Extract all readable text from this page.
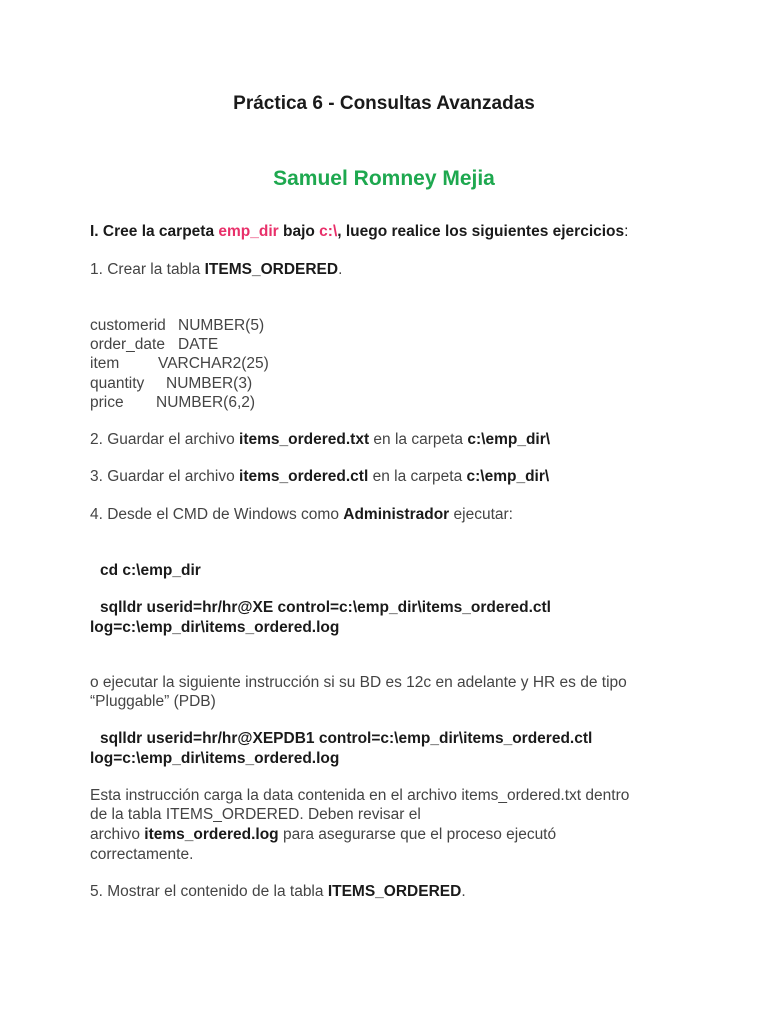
Práctica 6 - Consultas Avanzadas
Samuel Romney Mejia
I. Cree la carpeta emp_dir bajo c:\, luego realice los siguientes ejercicios:
1. Crear la tabla ITEMS_ORDERED.
customerid NUMBER(5)
order_date DATE
item VARCHAR2(25)
quantity NUMBER(3)
price NUMBER(6,2)
2. Guardar el archivo items_ordered.txt en la carpeta c:\emp_dir\
3. Guardar el archivo items_ordered.ctl en la carpeta c:\emp_dir\
4. Desde el CMD de Windows como Administrador ejecutar:
cd c:\emp_dir
sqlldr userid=hr/hr@XE control=c:\emp_dir\items_ordered.ctl
log=c:\emp_dir\items_ordered.log
o ejecutar la siguiente instrucción si su BD es 12c en adelante y HR es de tipo
“Pluggable” (PDB)
sqlldr userid=hr/hr@XEPDB1 control=c:\emp_dir\items_ordered.ctl
log=c:\emp_dir\items_ordered.log
Esta instrucción carga la data contenida en el archivo items_ordered.txt dentro
de la tabla ITEMS_ORDERED. Deben revisar el
archivo items_ordered.log para asegurarse que el proceso ejecutó
correctamente.
5. Mostrar el contenido de la tabla ITEMS_ORDERED.
